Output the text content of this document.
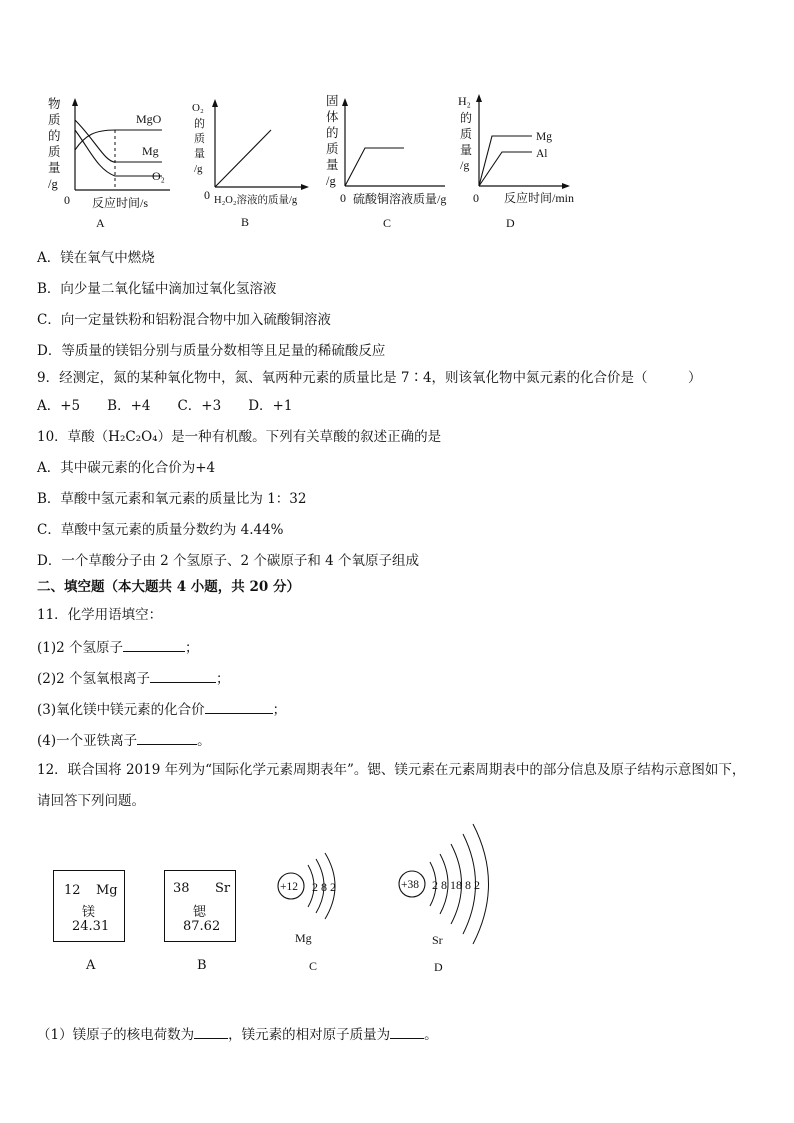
物
质
的
质
量
/g
0 反应时间/s
MgO
Mg
O₂
A
O₂
的
质
量
/g
0 H₂O₂溶液的质量/g
B
固
体
的
质
量
/g
0 硫酸铜溶液质量/g
C
H₂
的
质
量
/g
0 反应时间/min
Mg
Al
D
A．镁在氧气中燃烧
B．向少量二氧化锰中滴加过氧化氢溶液
C．向一定量铁粉和铝粉混合物中加入硫酸铜溶液
D．等质量的镁铝分别与质量分数相等且足量的稀硫酸反应
9．经测定，氮的某种氧化物中，氮、氧两种元素的质量比是 7∶4，则该氧化物中氮元素的化合价是（　　　）
A．+5　　B．+4　　C．+3　　D．+1
10．草酸（H₂C₂O₄）是一种有机酸。下列有关草酸的叙述正确的是
A．其中碳元素的化合价为+4
B．草酸中氢元素和氧元素的质量比为 1：32
C．草酸中氢元素的质量分数约为 4.44%
D．一个草酸分子由 2 个氢原子、2 个碳原子和 4 个氧原子组成
二、填空题（本大题共 4 小题，共 20 分）
11．化学用语填空：
(1)2 个氢原子	；
(2)2 个氢氧根离子	；
(3)氧化镁中镁元素的化合价	；
(4)一个亚铁离子	。
12．联合国将 2019 年列为“国际化学元素周期表年”。锶、镁元素在元素周期表中的部分信息及原子结构示意图如下，
请回答下列问题。
12 Mg
镁
24.31
A
38 Sr
锶
87.62
B
+12 2 8 2
Mg
C
+38 2 8 18 8 2
Sr
D
（1）镁原子的核电荷数为	，镁元素的相对原子质量为	。
